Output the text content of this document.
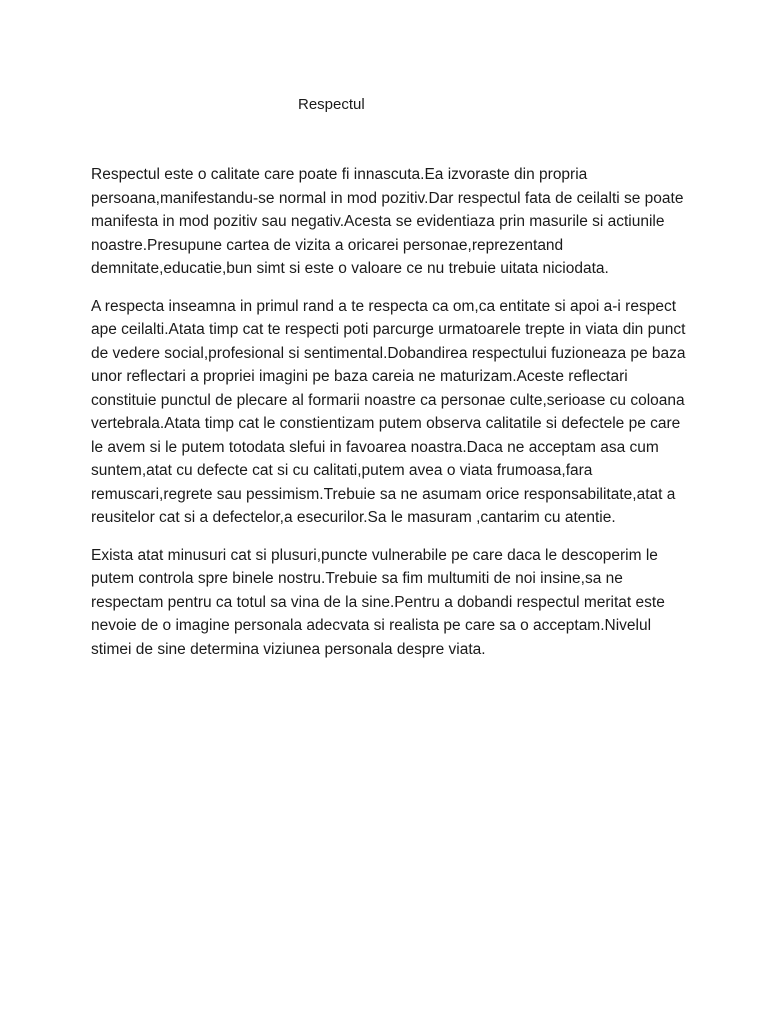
Respectul

Respectul este o calitate care poate fi innascuta.Ea izvoraste din propria persoana,manifestandu-se normal in mod pozitiv.Dar respectul fata de ceilalti se poate manifesta in mod pozitiv sau negativ.Acesta se evidentiaza prin masurile si actiunile noastre.Presupune cartea de vizita a oricarei personae,reprezentand demnitate,educatie,bun simt si este o valoare ce nu trebuie uitata niciodata.

A respecta inseamna in primul rand a te respecta ca om,ca entitate si apoi a-i respect ape ceilalti.Atata timp cat te respecti poti parcurge urmatoarele trepte in viata din punct de vedere social,profesional si sentimental.Dobandirea respectului fuzioneaza pe baza unor reflectari a propriei imagini pe baza careia ne maturizam.Aceste reflectari constituie punctul de plecare al formarii noastre ca personae culte,serioase cu coloana vertebrala.Atata timp cat le constientizam putem observa calitatile si defectele pe care le avem si le putem totodata slefui in favoarea noastra.Daca ne acceptam asa cum suntem,atat cu defecte cat si cu calitati,putem avea o viata frumoasa,fara remuscari,regrete sau pessimism.Trebuie sa ne asumam orice responsabilitate,atat a reusitelor cat si a defectelor,a esecurilor.Sa le masuram ,cantarim cu atentie.

Exista atat minusuri cat si plusuri,puncte vulnerabile pe care daca le descoperim le putem controla spre binele nostru.Trebuie sa fim multumiti de noi insine,sa ne respectam pentru ca totul sa vina de la sine.Pentru a dobandi respectul meritat este nevoie de o imagine personala adecvata si realista pe care sa o acceptam.Nivelul stimei de sine determina viziunea personala despre viata.
